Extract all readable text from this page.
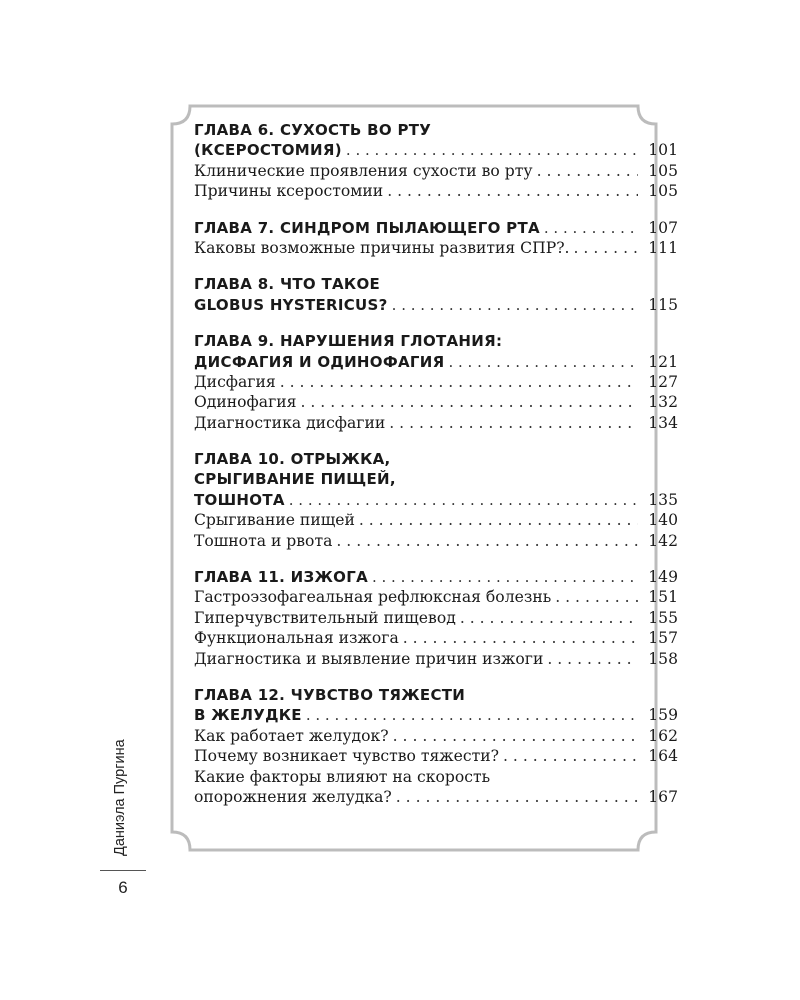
ГЛАВА 6. СУХОСТЬ ВО РТУ
(КСЕРОСТОМИЯ) . . .	101
Клинические проявления сухости во рту . . .	105
Причины ксеростомии . . .	105
ГЛАВА 7. СИНДРОМ ПЫЛАЮЩЕГО РТА . . .	107
Каковы возможные причины развития СПР?. . . .	111
ГЛАВА 8. ЧТО ТАКОЕ
GLOBUS HYSTERICUS? . . .	115
ГЛАВА 9. НАРУШЕНИЯ ГЛОТАНИЯ:
ДИСФАГИЯ И ОДИНОФАГИЯ . . .	121
Дисфагия . . .	127
Одинофагия . . .	132
Диагностика дисфагии . . .	134
ГЛАВА 10. ОТРЫЖКА,
СРЫГИВАНИЕ ПИЩЕЙ,
ТОШНОТА . . .	135
Срыгивание пищей . . .	140
Тошнота и рвота . . .	142
ГЛАВА 11. ИЗЖОГА . . .	149
Гастроэзофагеальная рефлюксная болезнь . . .	151
Гиперчувствительный пищевод . . .	155
Функциональная изжога . . .	157
Диагностика и выявление причин изжоги . . .	158
ГЛАВА 12. ЧУВСТВО ТЯЖЕСТИ
В ЖЕЛУДКЕ . . .	159
Как работает желудок? . . .	162
Почему возникает чувство тяжести? . . .	164
Какие факторы влияют на скорость
опорожнения желудка? . . .	167
Даниэла Пургина
6
